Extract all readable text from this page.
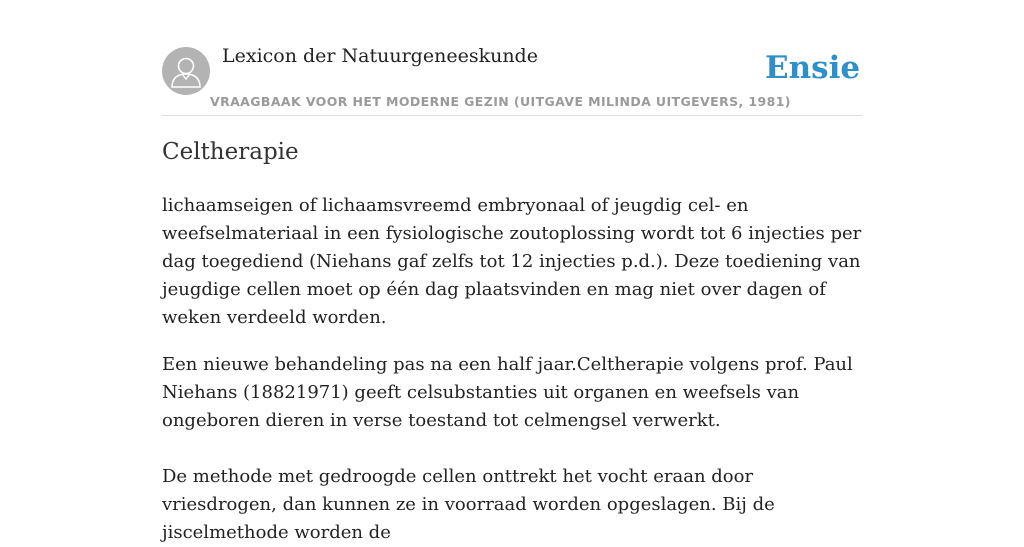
Lexicon der Natuurgeneeskunde
VRAAGBAAK VOOR HET MODERNE GEZIN (UITGAVE MILINDA UITGEVERS, 1981)
Ensie
Celtherapie

lichaamseigen of lichaamsvreemd embryonaal of jeugdig cel- en weefselmateriaal in een fysiologische zoutoplossing wordt tot 6 injecties per dag toegediend (Niehans gaf zelfs tot 12 injecties p.d.). Deze toediening van jeugdige cellen moet op één dag plaatsvinden en mag niet over dagen of weken verdeeld worden.

Een nieuwe behandeling pas na een half jaar.Celtherapie volgens prof. Paul Niehans (18821971) geeft celsubstanties uit organen en weefsels van ongeboren dieren in verse toestand tot celmengsel verwerkt.

De methode met gedroogde cellen onttrekt het vocht eraan door vriesdrogen, dan kunnen ze in voorraad worden opgeslagen. Bij de jiscelmethode worden de
